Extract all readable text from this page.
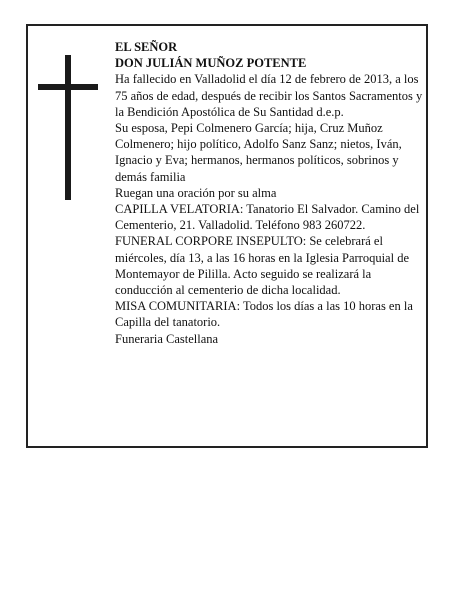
EL SEÑOR

DON JULIÁN MUÑOZ POTENTE

Ha fallecido en Valladolid el día 12 de febrero de 2013, a los 75 años de edad, después de recibir los Santos Sacramentos y la Bendición Apostólica de Su Santidad d.e.p.

Su esposa, Pepi Colmenero García; hija, Cruz Muñoz Colmenero; hijo político, Adolfo Sanz Sanz; nietos, Iván, Ignacio y Eva; hermanos, hermanos políticos, sobrinos y demás familia

Ruegan una oración por su alma

CAPILLA VELATORIA: Tanatorio El Salvador. Camino del Cementerio, 21. Valladolid. Teléfono 983 260722.

FUNERAL CORPORE INSEPULTO: Se celebrará el miércoles, día 13, a las 16 horas en la Iglesia Parroquial de Montemayor de Pililla. Acto seguido se realizará la conducción al cementerio de dicha localidad.

MISA COMUNITARIA: Todos los días a las 10 horas en la Capilla del tanatorio.

Funeraria Castellana
